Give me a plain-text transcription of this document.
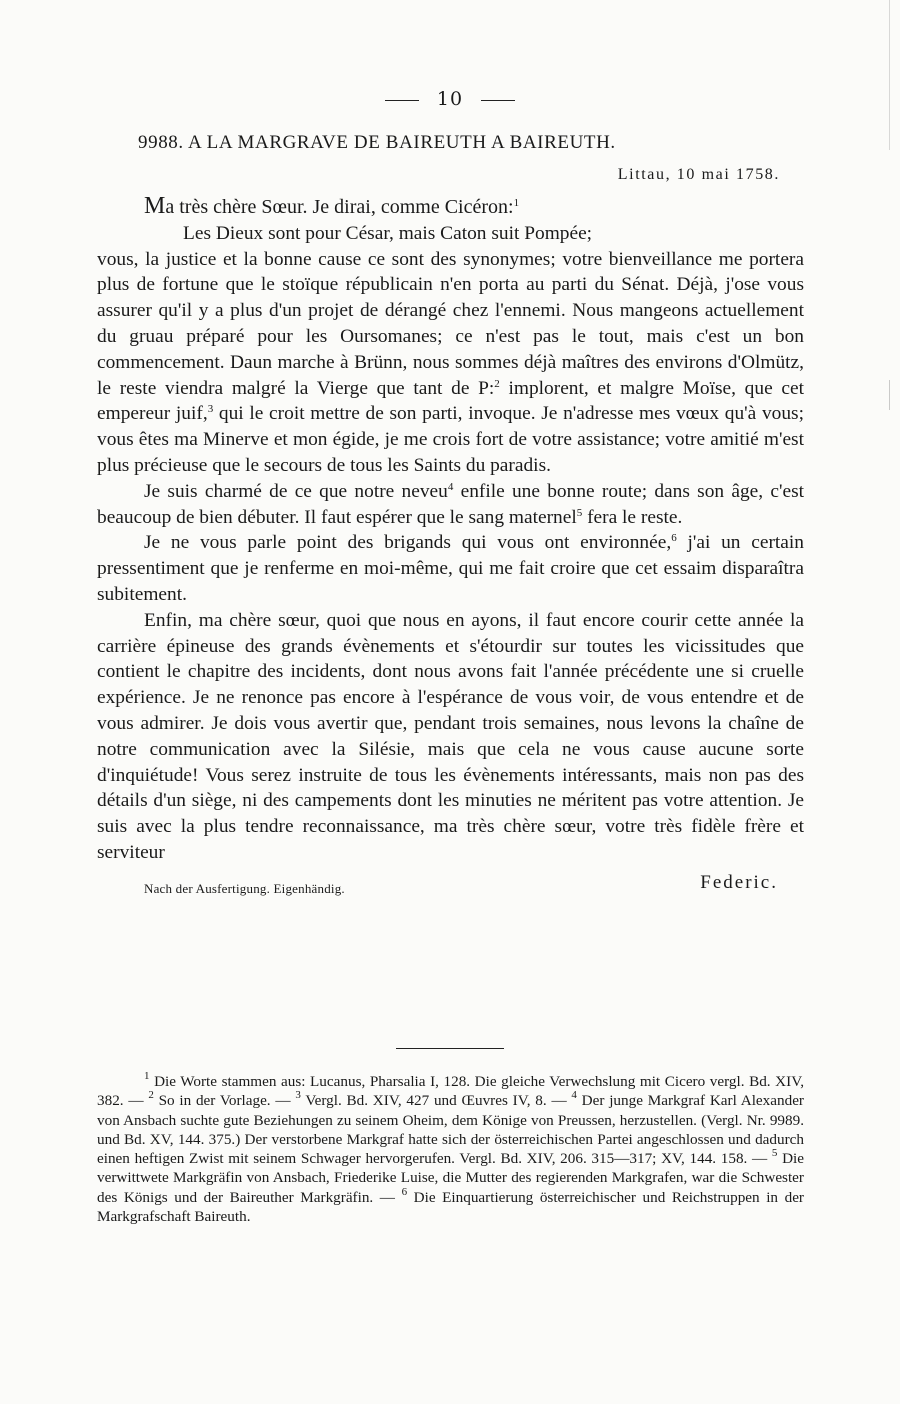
10
9988. A LA MARGRAVE DE BAIREUTH A BAIREUTH.
Littau, 10 mai 1758.

Ma très chère Sœur. Je dirai, comme Cicéron:$^1$

Les Dieux sont pour César, mais Caton suit Pompée;

vous, la justice et la bonne cause ce sont des synonymes; votre bienveillance me portera plus de fortune que le stoïque républicain n'en porta au parti du Sénat. Déjà, j'ose vous assurer qu'il y a plus d'un projet de dérangé chez l'ennemi. Nous mangeons actuellement du gruau préparé pour les Oursomanes; ce n'est pas le tout, mais c'est un bon commencement. Daun marche à Brünn, nous sommes déjà maîtres des environs d'Olmütz, le reste viendra malgré la Vierge que tant de P:$^2$ implorent, et malgre Moïse, que cet empereur juif,$^3$ qui le croit mettre de son parti, invoque. Je n'adresse mes vœux qu'à vous; vous êtes ma Minerve et mon égide, je me crois fort de votre assistance; votre amitié m'est plus précieuse que le secours de tous les Saints du paradis.

Je suis charmé de ce que notre neveu$^4$ enfile une bonne route; dans son âge, c'est beaucoup de bien débuter. Il faut espérer que le sang maternel$^5$ fera le reste.

Je ne vous parle point des brigands qui vous ont environnée,$^6$ j'ai un certain pressentiment que je renferme en moi-même, qui me fait croire que cet essaim disparaîtra subitement.

Enfin, ma chère sœur, quoi que nous en ayons, il faut encore courir cette année la carrière épineuse des grands évènements et s'étourdir sur toutes les vicissitudes que contient le chapitre des incidents, dont nous avons fait l'année précédente une si cruelle expérience. Je ne renonce pas encore à l'espérance de vous voir, de vous entendre et de vous admirer. Je dois vous avertir que, pendant trois semaines, nous levons la chaîne de notre communication avec la Silésie, mais que cela ne vous cause aucune sorte d'inquiétude! Vous serez instruite de tous les évènements intéressants, mais non pas des détails d'un siège, ni des campements dont les minuties ne méritent pas votre attention. Je suis avec la plus tendre reconnaissance, ma très chère sœur, votre très fidèle frère et serviteur

Nach der Ausfertigung. Eigenhändig.	Federic.
$^1$ Die Worte stammen aus: Lucanus, Pharsalia I, 128. Die gleiche Verwechslung mit Cicero vergl. Bd. XIV, 382. — $^2$ So in der Vorlage. — $^3$ Vergl. Bd. XIV, 427 und Œuvres IV, 8. — $^4$ Der junge Markgraf Karl Alexander von Ansbach suchte gute Beziehungen zu seinem Oheim, dem Könige von Preussen, herzustellen. (Vergl. Nr. 9989. und Bd. XV, 144. 375.) Der verstorbene Markgraf hatte sich der österreichischen Partei angeschlossen und dadurch einen heftigen Zwist mit seinem Schwager hervorgerufen. Vergl. Bd. XIV, 206. 315—317; XV, 144. 158. — $^5$ Die verwittwete Markgräfin von Ansbach, Friederike Luise, die Mutter des regierenden Markgrafen, war die Schwester des Königs und der Baireuther Markgräfin. — $^6$ Die Einquartierung österreichischer und Reichstruppen in der Markgrafschaft Baireuth.
